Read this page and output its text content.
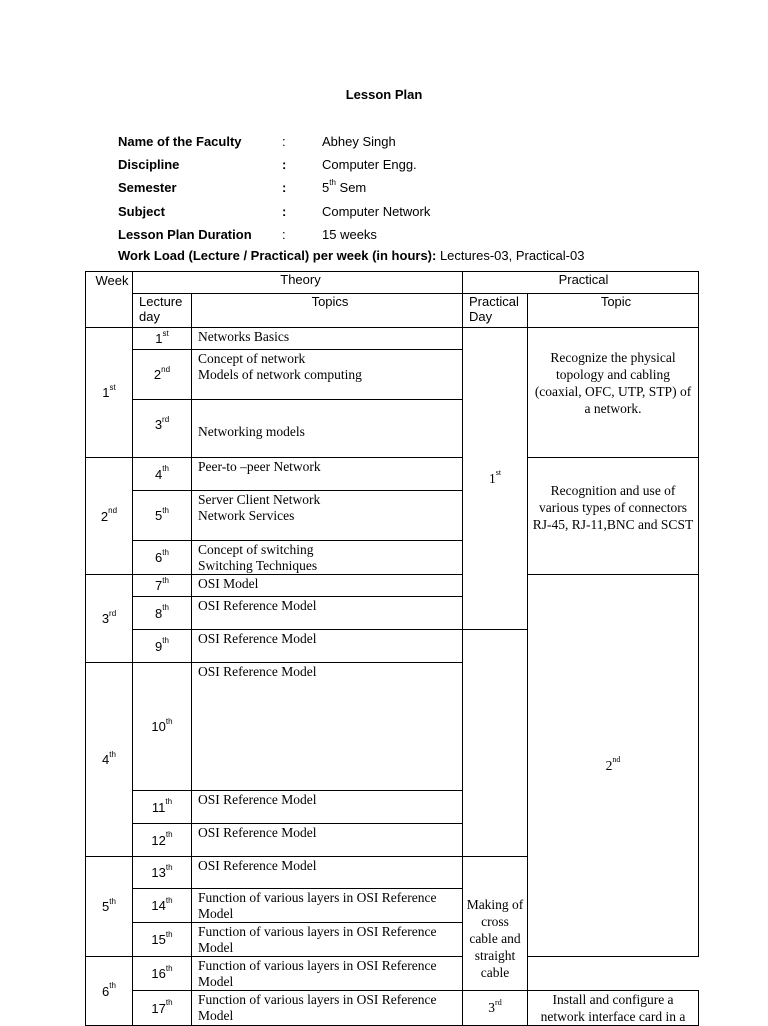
Lesson Plan
Name of the Faculty	:	Abhey Singh
Discipline	:	Computer Engg.
Semester	:	5th Sem
Subject	:	Computer Network
Lesson Plan Duration :	15 weeks
Work Load (Lecture / Practical) per week (in hours): Lectures-03, Practical-03
Week	Theory		Practical		
	Lecture day	Topics	Practical Day	Topic	
1st	1st	Networks Basics	1st	Recognize the physical topology and cabling (coaxial, OFC, UTP, STP) of a network.	
	2nd	Concept of network
Models of network computing			
	3rd	Networking models			
2nd	4th	Peer-to –peer Network		Recognition and use of various types of connectors RJ-45, RJ-11,BNC and SCST	
	5th	Server Client Network
Network Services			
	6th	Concept of switching
Switching Techniques			
3rd	7th	OSI Model		2nd	
	8th	OSI Reference Model			
	9th	OSI Reference Model			
4th	10th	OSI Reference Model			
	11th	OSI Reference Model			
	12th	OSI Reference Model			
5th	13th	OSI Reference Model	Making of cross cable and straight cable		
	14th	Function of various layers in OSI Reference Model			
	15th	Function of various layers in OSI Reference Model			
6th	16th	Function of various layers in OSI Reference Model			
	17th	Function of various layers in OSI Reference Model	3rd	Install and configure a network interface card in a	
